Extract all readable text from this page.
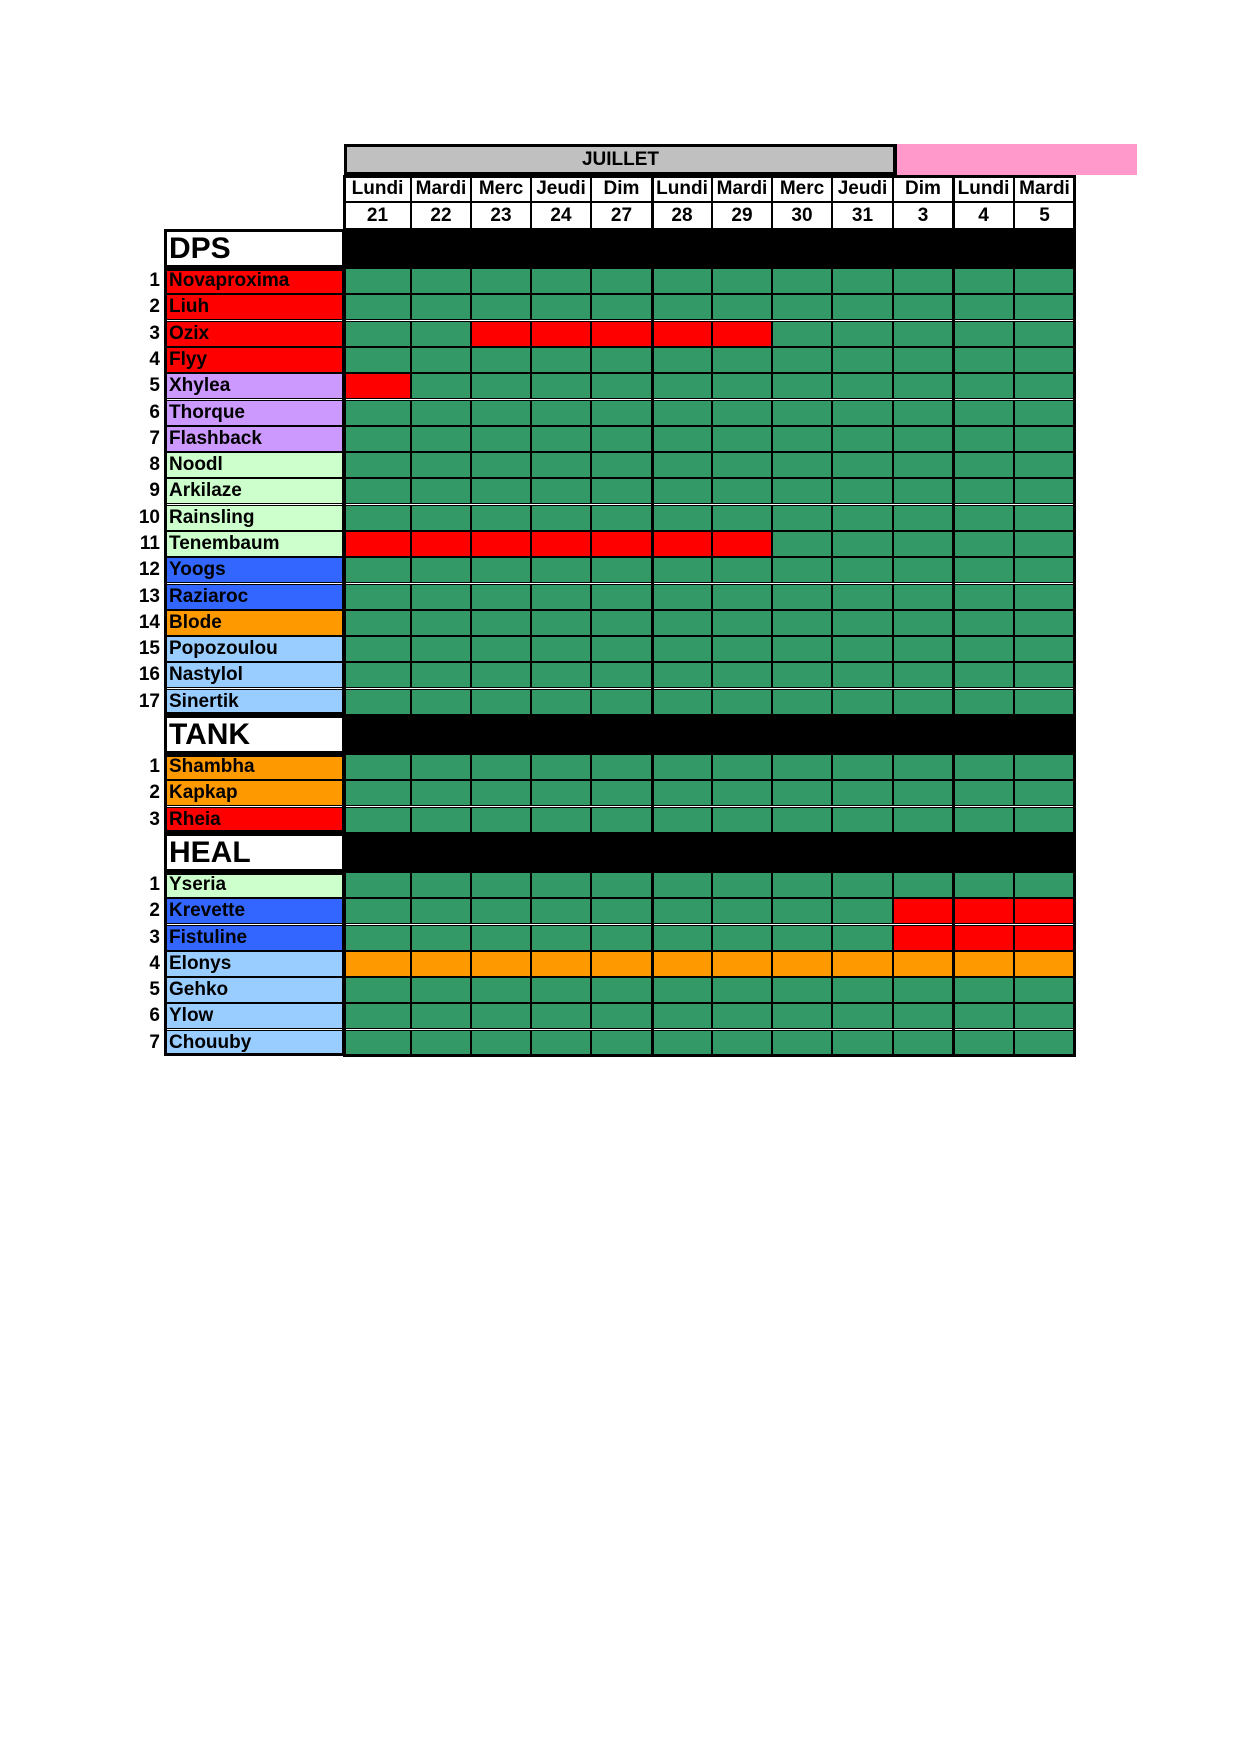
JUILLET
Lundi
21
Mardi
22
Merc
23
Jeudi
24
Dim
27
Lundi
28
Mardi
29
Merc
30
Jeudi
31
Dim
3
Lundi
4
Mardi
5
DPS
1 Novaproxima
2 Liuh
3 Ozix
4 Flyy
5 Xhylea
6 Thorque
7 Flashback
8 Noodl
9 Arkilaze
10 Rainsling
11 Tenembaum
12 Yoogs
13 Raziaroc
14 Blode
15 Popozoulou
16 Nastylol
17 Sinertik
TANK
1 Shambha
2 Kapkap
3 Rheia
HEAL
1 Yseria
2 Krevette
3 Fistuline
4 Elonys
5 Gehko
6 Ylow
7 Chouuby
